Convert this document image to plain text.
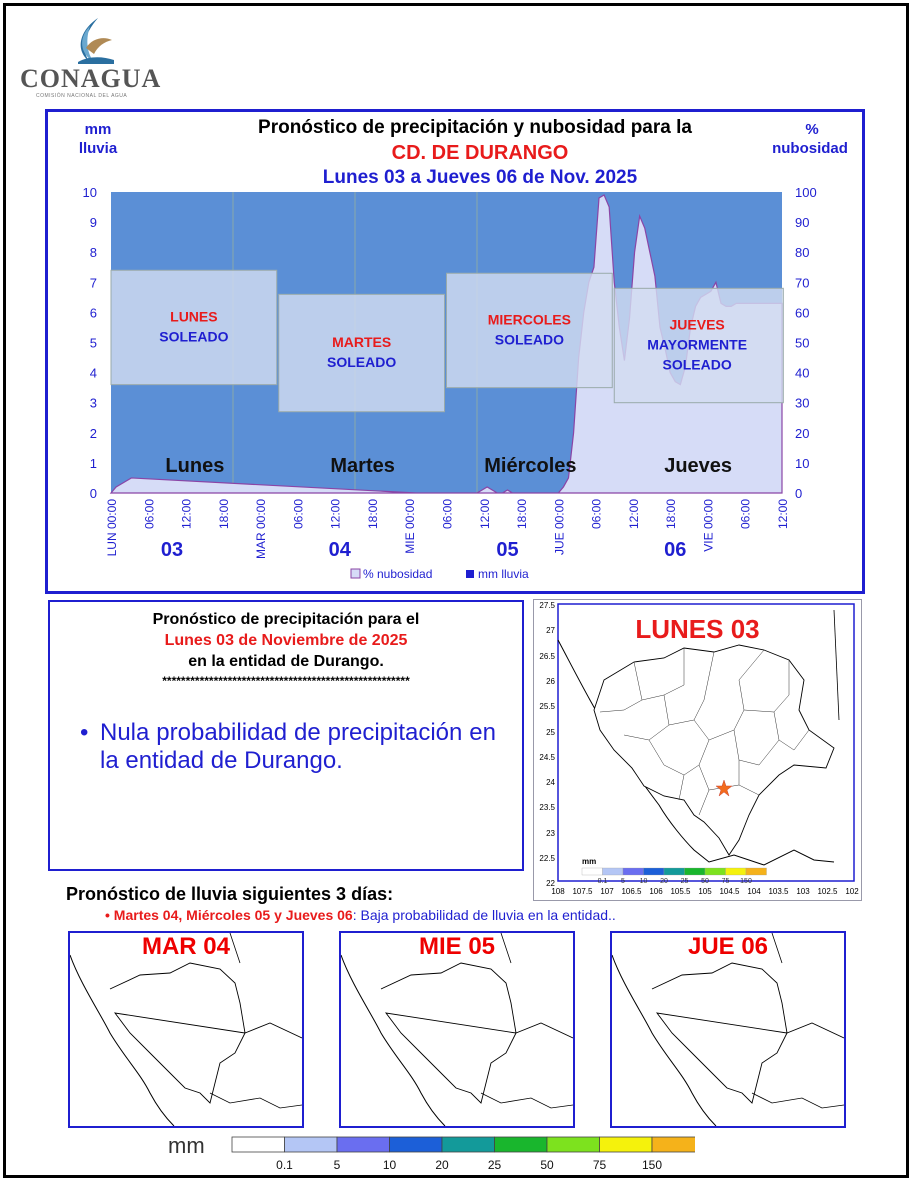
CONAGUA
COMISIÓN NACIONAL DEL AGUA
Pronóstico de precipitación y nubosidad para la
CD. DE DURANGO
Lunes 03 a Jueves 06 de Nov. 2025
mm
lluvia
%
nubosidad
LUNES
SOLEADO	MARTES
SOLEADO
MIERCOLES
SOLEADO
JUEVES
MAYORMENTE
SOLEADO
Lunes	Martes	Miércoles	Jueves
0
1
2
3
4
5
6
7
8
9
10
0
10
20
30
40
50
60
70
80
90
100
LUN 00:00 06:00 12:00 18:00 MAR 00:00 06:00 12:00 18:00 MIE 00:00 06:00 12:00 18:00 JUE 00:00 06:00 12:00 18:00 VIE 00:00 06:00 12:00
03	04	05	06
% nubosidad	mm lluvia
Pronóstico de precipitación para el
Lunes 03 de Noviembre de 2025
en la entidad de Durango.
*****************************************************
• Nula probabilidad de precipitación en la entidad de Durango.
0.1 5 10 20 25 50 75 150
LUNES 03
mm
27.5
27
26.5
26
25.5
25
24.5
24
23.5
23
22.5
22
108 107.5 107 106.5 106 105.5 105 104.5 104 103.5 103 102.5 102
Pronóstico de lluvia siguientes 3 días:
• Martes 04, Miércoles 05 y Jueves 06: Baja probabilidad de lluvia en la entidad..
MAR 04	MIE 05	JUE 06
mm
0.1	5	10	20	25	50	75	150
